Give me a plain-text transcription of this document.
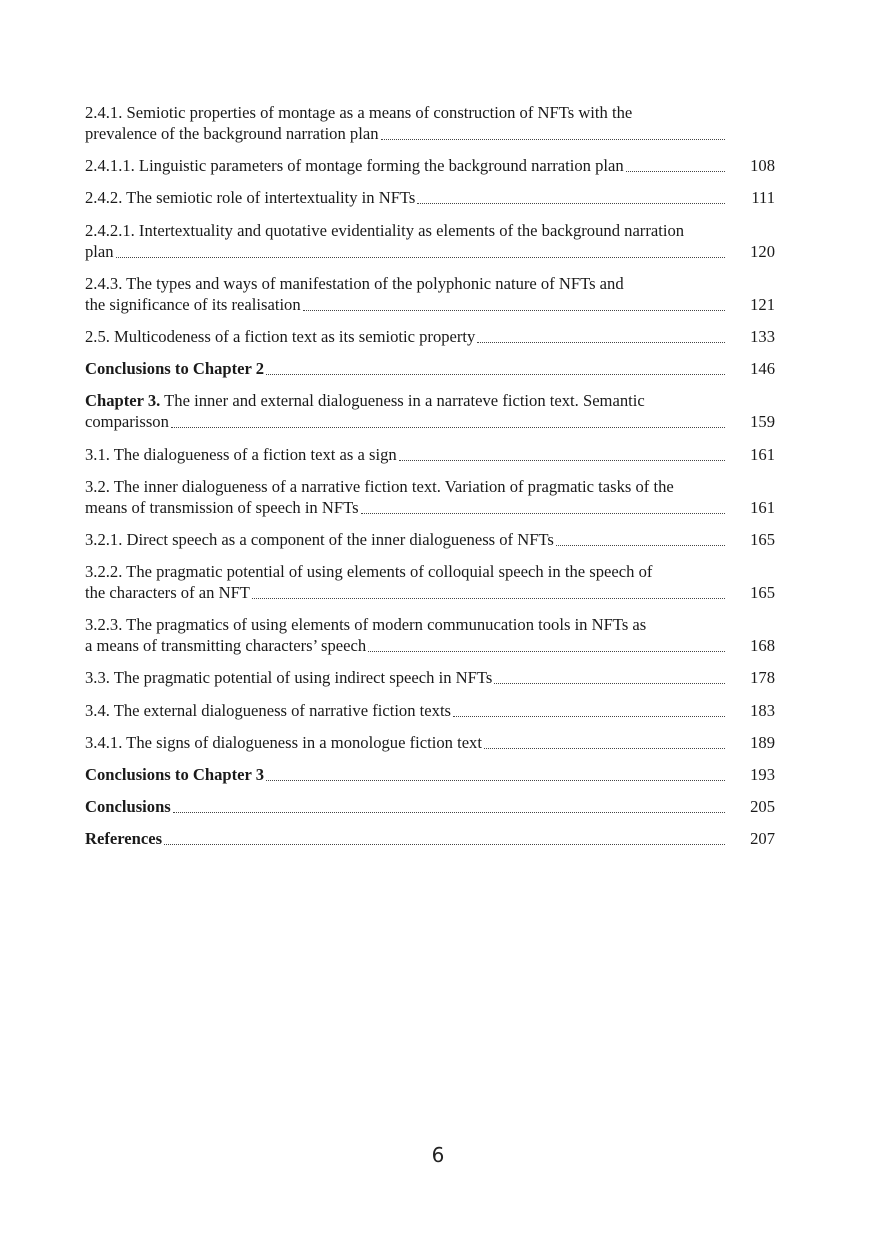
2.4.1. Semiotic properties of montage as a means of construction of NFTs with the
prevalence of the background narration plan
2.4.1.1. Linguistic parameters of montage forming the background narration plan	108
2.4.2. The semiotic role of intertextuality in NFTs	111
2.4.2.1. Intertextuality and quotative evidentiality as elements of the background narration
plan	120
2.4.3. The types and ways of manifestation of the polyphonic nature of NFTs and
the significance of its realisation	121
2.5. Multicodeness of a fiction text as its semiotic property	133
Conclusions to Chapter 2	146
Chapter 3. The inner and external dialogueness in a narrateve fiction text. Semantic
comparisson	159
3.1. The dialogueness of a fiction text as a sign	161
3.2. The inner dialogueness of a narrative fiction text. Variation of pragmatic tasks of the
means of transmission of speech in NFTs	161
3.2.1. Direct speech as a component of the inner dialogueness of NFTs	165
3.2.2. The pragmatic potential of using elements of colloquial speech in the speech of
the characters of an NFT	165
3.2.3. The pragmatics of using elements of modern communucation tools in NFTs as
a means of transmitting characters’ speech	168
3.3. The pragmatic potential of using indirect speech in NFTs	178
3.4. The external dialogueness of narrative fiction texts	183
3.4.1. The signs of dialogueness in a monologue fiction text	189
Conclusions to Chapter 3	193
Conclusions	205
References	207
6
